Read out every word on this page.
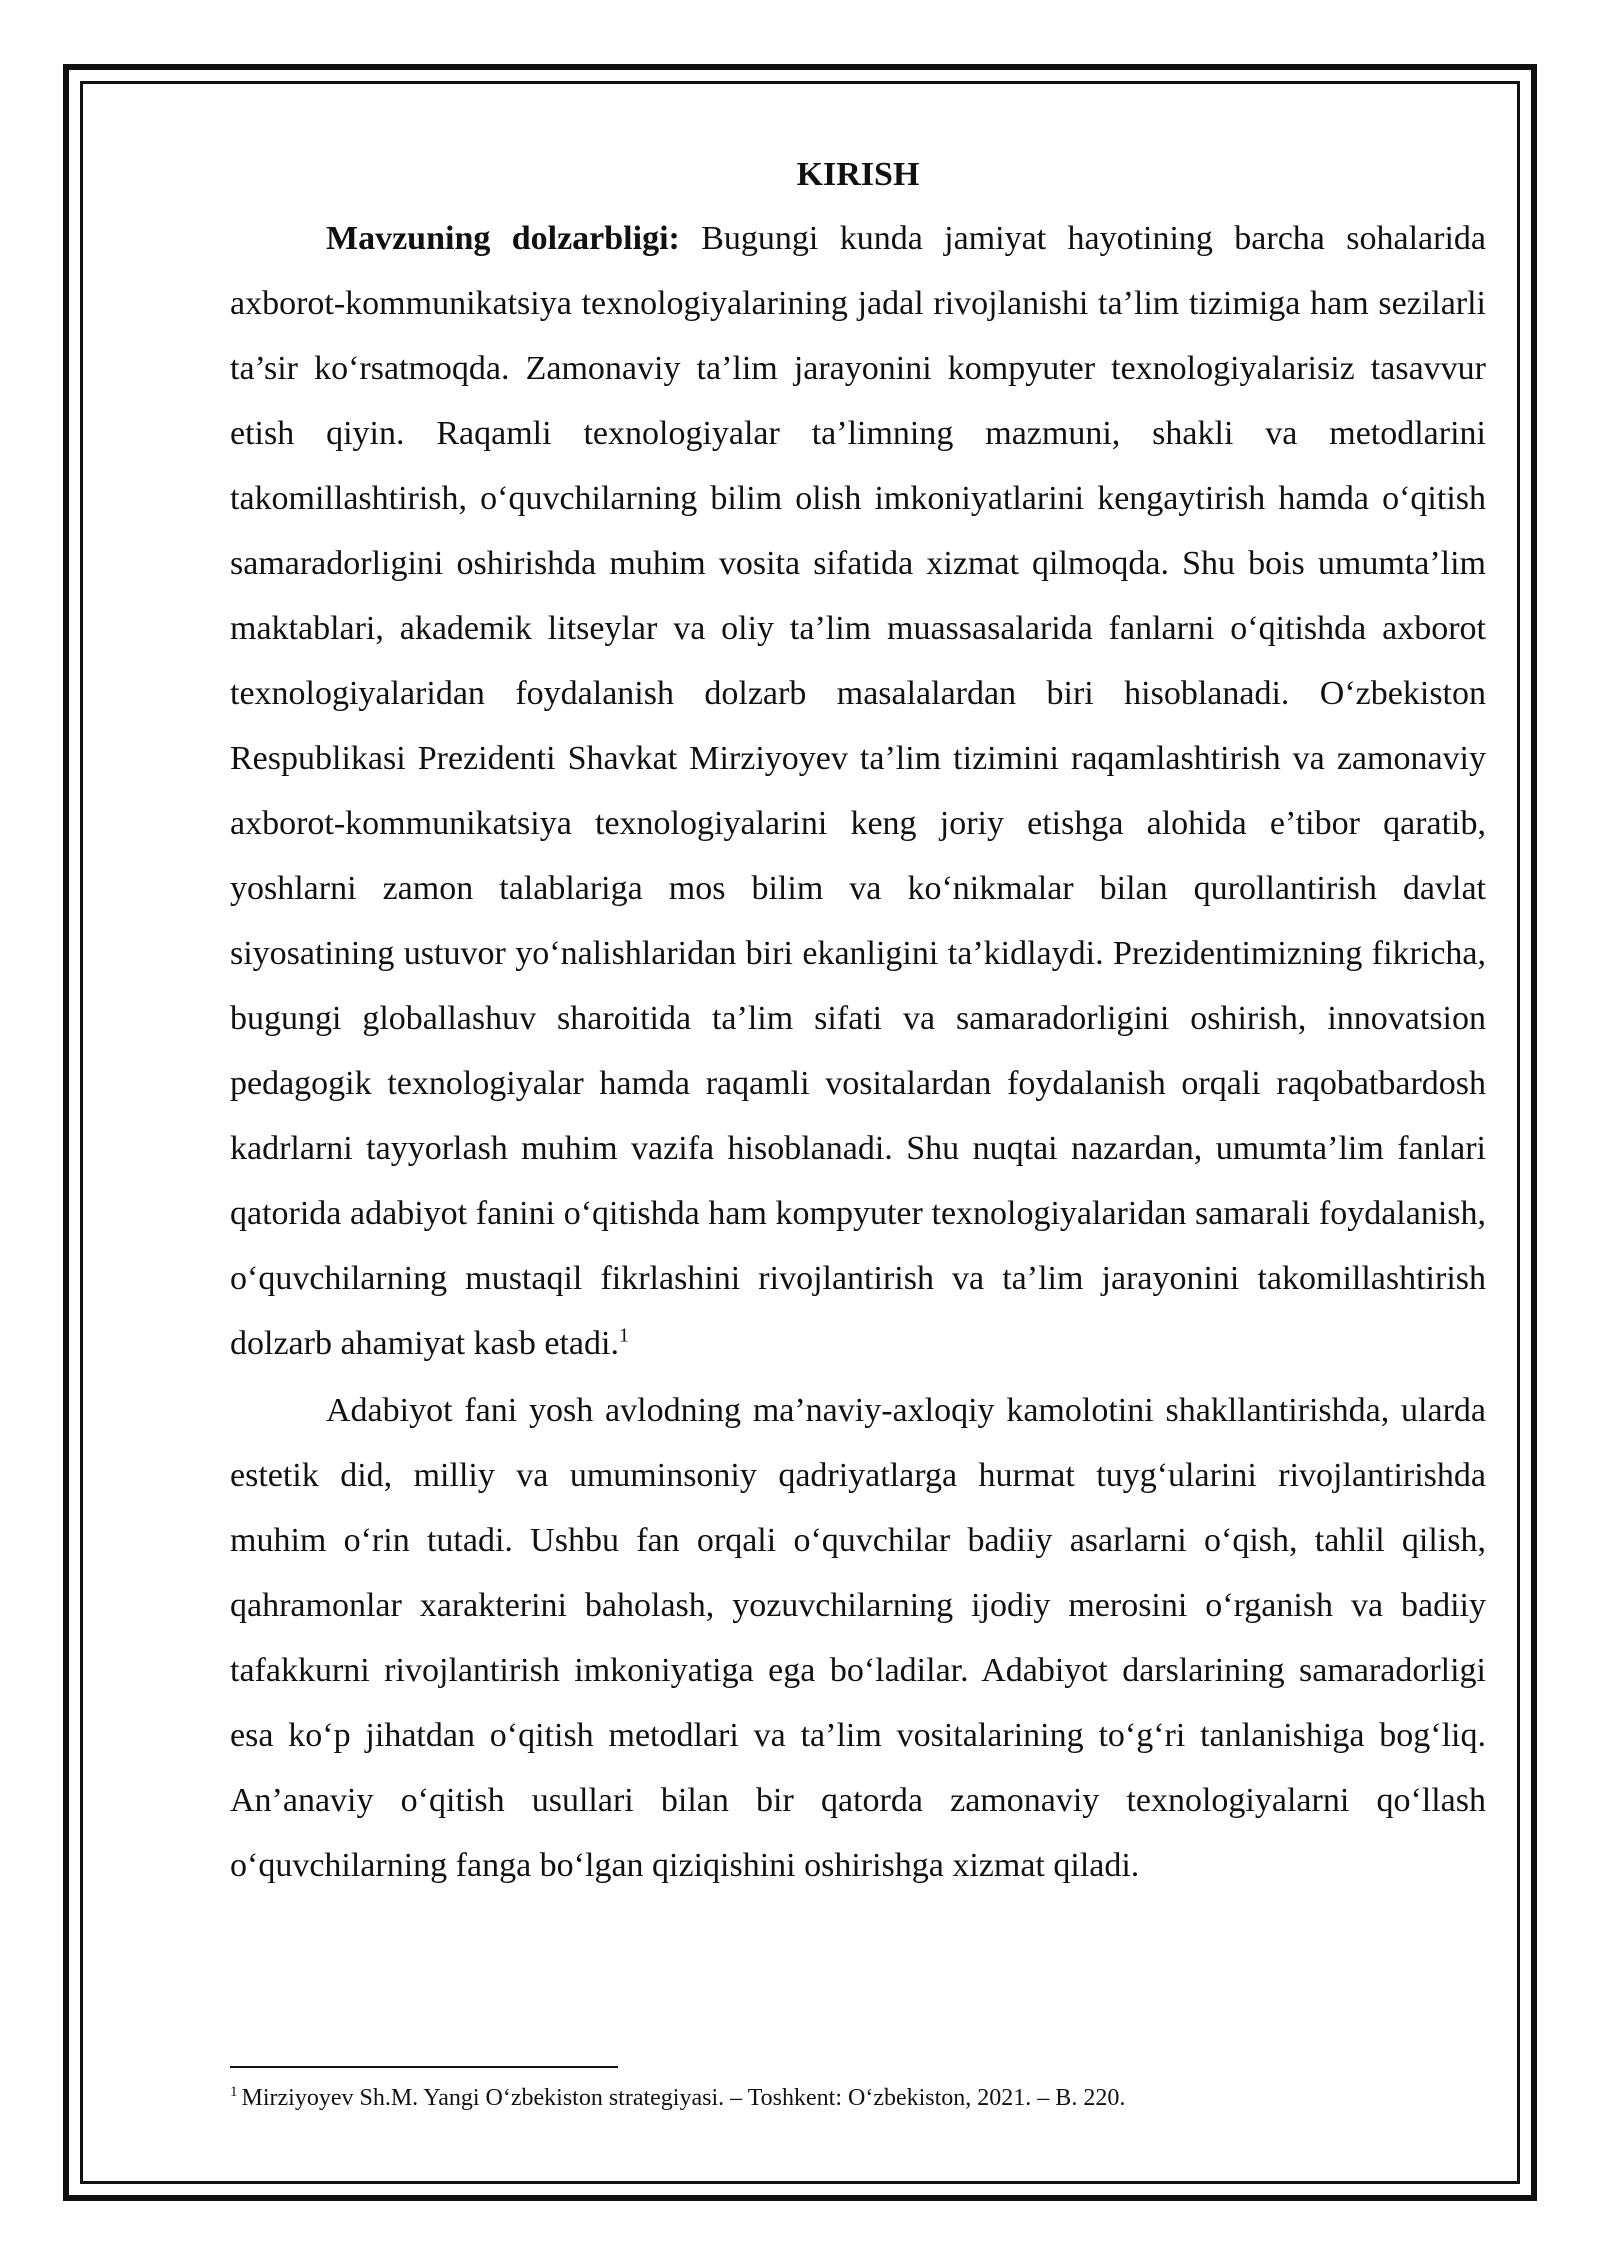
KIRISH

Mavzuning dolzarbligi: Bugungi kunda jamiyat hayotining barcha sohalarida axborot-kommunikatsiya texnologiyalarining jadal rivojlanishi ta’lim tizimiga ham sezilarli ta’sir koʻrsatmoqda. Zamonaviy ta’lim jarayonini kompyuter texnologiyalarisiz tasavvur etish qiyin. Raqamli texnologiyalar ta’limning mazmuni, shakli va metodlarini takomillashtirish, oʻquvchilarning bilim olish imkoniyatlarini kengaytirish hamda oʻqitish samaradorligini oshirishda muhim vosita sifatida xizmat qilmoqda. Shu bois umumta’lim maktablari, akademik litseylar va oliy ta’lim muassasalarida fanlarni oʻqitishda axborot texnologiyalaridan foydalanish dolzarb masalalardan biri hisoblanadi. Oʻzbekiston Respublikasi Prezidenti Shavkat Mirziyoyev ta’lim tizimini raqamlashtirish va zamonaviy axborot-kommunikatsiya texnologiyalarini keng joriy etishga alohida e’tibor qaratib, yoshlarni zamon talablariga mos bilim va koʻnikmalar bilan qurollantirish davlat siyosatining ustuvor yoʻnalishlaridan biri ekanligini ta’kidlaydi. Prezidentimizning fikricha, bugungi globallashuv sharoitida ta’lim sifati va samaradorligini oshirish, innovatsion pedagogik texnologiyalar hamda raqamli vositalardan foydalanish orqali raqobatbardosh kadrlarni tayyorlash muhim vazifa hisoblanadi. Shu nuqtai nazardan, umumta’lim fanlari qatorida adabiyot fanini oʻqitishda ham kompyuter texnologiyalaridan samarali foydalanish, oʻquvchilarning mustaqil fikrlashini rivojlantirish va ta’lim jarayonini takomillashtirish dolzarb ahamiyat kasb etadi.$^1$

Adabiyot fani yosh avlodning ma’naviy-axloqiy kamolotini shakllantirishda, ularda estetik did, milliy va umuminsoniy qadriyatlarga hurmat tuygʻularini rivojlantirishda muhim oʻrin tutadi. Ushbu fan orqali oʻquvchilar badiiy asarlarni oʻqish, tahlil qilish, qahramonlar xarakterini baholash, yozuvchilarning ijodiy merosini oʻrganish va badiiy tafakkurni rivojlantirish imkoniyatiga ega boʻladilar. Adabiyot darslarining samaradorligi esa koʻp jihatdan oʻqitish metodlari va ta’lim vositalarining toʻgʻri tanlanishiga bogʻliq. An’anaviy oʻqitish usullari bilan bir qatorda zamonaviy texnologiyalarni qoʻllash oʻquvchilarning fanga boʻlgan qiziqishini oshirishga xizmat qiladi.

$^1$ Mirziyoyev Sh.M. Yangi Oʻzbekiston strategiyasi. – Toshkent: Oʻzbekiston, 2021. – B. 220.
